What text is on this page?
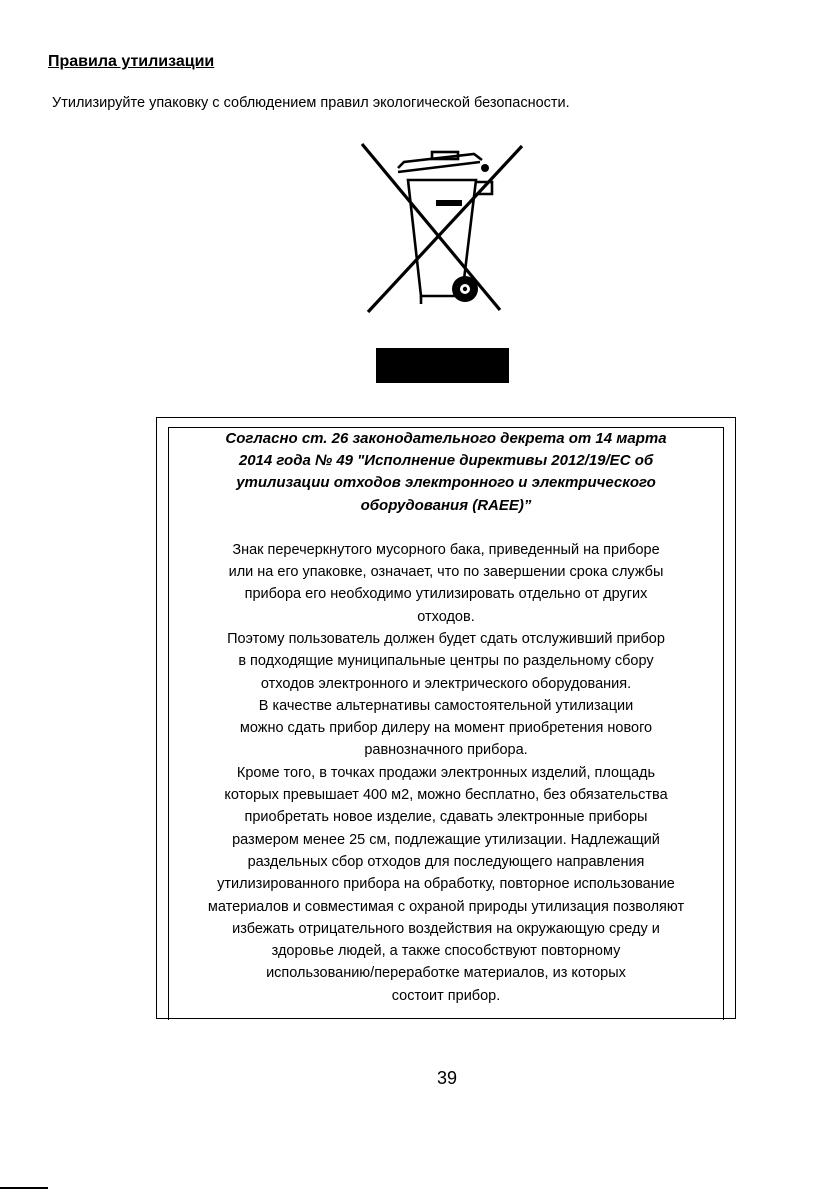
Правила утилизации
Утилизируйте упаковку с соблюдением правил экологической безопасности.

Согласно ст. 26 законодательного декрета от 14 марта 2014 года № 49 "Исполнение директивы 2012/19/ЕС об утилизации отходов электронного и электрического оборудования (RAEE)”

Знак перечеркнутого мусорного бака, приведенный на приборе
или на его упаковке, означает, что по завершении срока службы
прибора его необходимо утилизировать отдельно от других
отходов.
Поэтому пользователь должен будет сдать отслуживший прибор
в подходящие муниципальные центры по раздельному сбору
отходов электронного и электрического оборудования.
В качестве альтернативы самостоятельной утилизации
можно сдать прибор дилеру на момент приобретения нового
равнозначного прибора.
Кроме того, в точках продажи электронных изделий, площадь
которых превышает 400 м2, можно бесплатно, без обязательства
приобретать новое изделие, сдавать электронные приборы
размером менее 25 см, подлежащие утилизации. Надлежащий
раздельных сбор отходов для последующего направления
утилизированного прибора на обработку, повторное использование
материалов и совместимая с охраной природы утилизация позволяют
избежать отрицательного воздействия на окружающую среду и
здоровье людей, а также способствуют повторному
использованию/переработке материалов, из которых
состоит прибор.

39
